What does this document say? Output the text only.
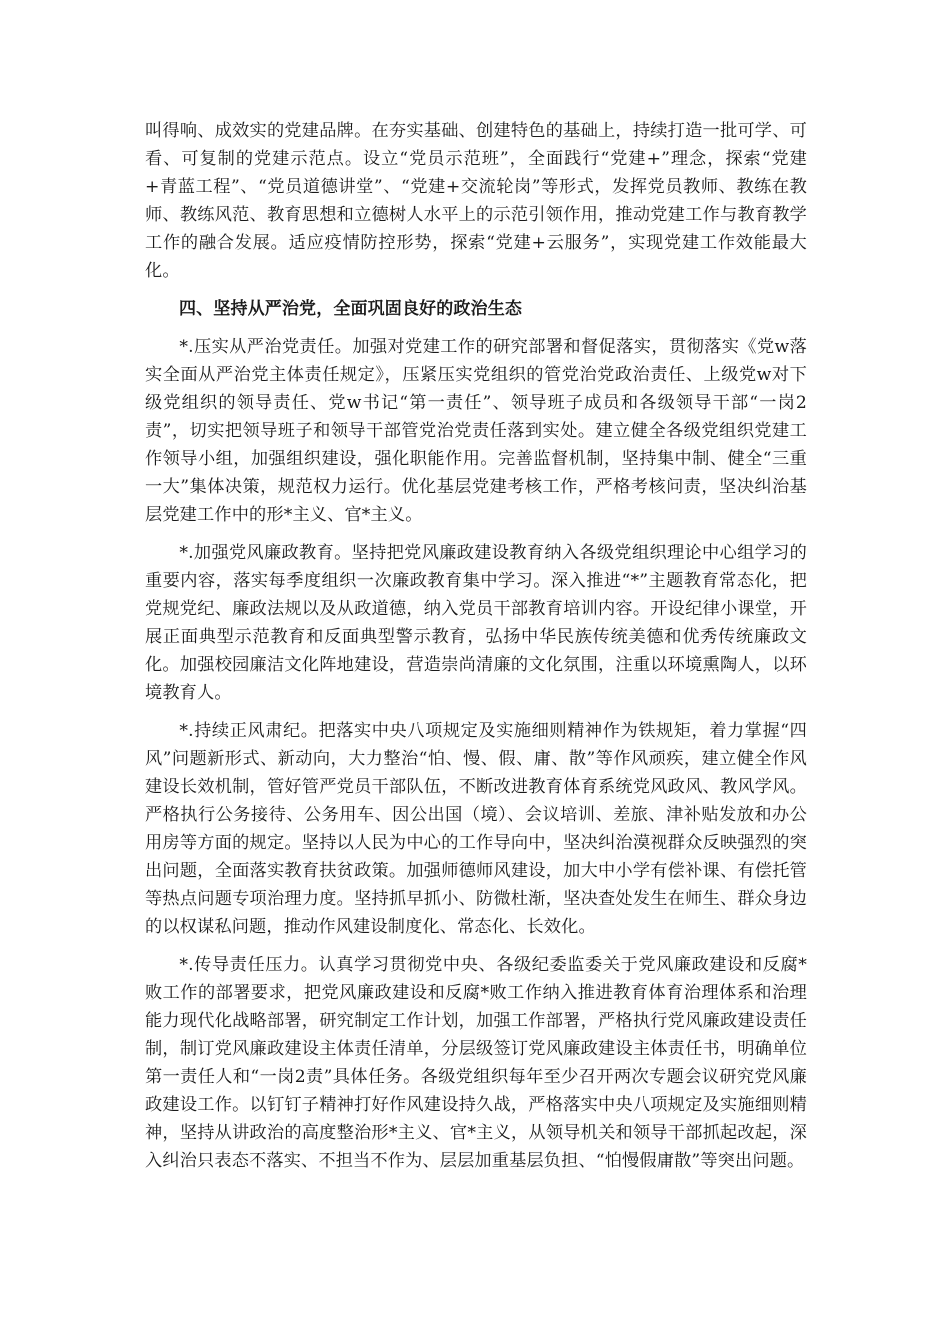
叫得响、成效实的党建品牌。在夯实基础、创建特色的基础上，持续打造一批可学、可看、可复制的党建示范点。设立“党员示范班”，全面践行“党建+”理念，探索“党建+青蓝工程”、“党员道德讲堂”、“党建+交流轮岗”等形式，发挥党员教师、教练在教师、教练风范、教育思想和立德树人水平上的示范引领作用，推动党建工作与教育教学工作的融合发展。适应疫情防控形势，探索“党建+云服务”，实现党建工作效能最大化。

四、坚持从严治党，全面巩固良好的政治生态

*.压实从严治党责任。加强对党建工作的研究部署和督促落实，贯彻落实《党w落实全面从严治党主体责任规定》，压紧压实党组织的管党治党政治责任、上级党w对下级党组织的领导责任、党w书记“第一责任”、领导班子成员和各级领导干部“一岗2责”，切实把领导班子和领导干部管党治党责任落到实处。建立健全各级党组织党建工作领导小组，加强组织建设，强化职能作用。完善监督机制，坚持集中制、健全“三重一大”集体决策，规范权力运行。优化基层党建考核工作，严格考核问责，坚决纠治基层党建工作中的形*主义、官*主义。

*.加强党风廉政教育。坚持把党风廉政建设教育纳入各级党组织理论中心组学习的重要内容，落实每季度组织一次廉政教育集中学习。深入推进“*”主题教育常态化，把党规党纪、廉政法规以及从政道德，纳入党员干部教育培训内容。开设纪律小课堂，开展正面典型示范教育和反面典型警示教育，弘扬中华民族传统美德和优秀传统廉政文化。加强校园廉洁文化阵地建设，营造崇尚清廉的文化氛围，注重以环境熏陶人，以环境教育人。

*.持续正风肃纪。把落实中央八项规定及实施细则精神作为铁规矩，着力掌握“四风”问题新形式、新动向，大力整治“怕、慢、假、庸、散”等作风顽疾，建立健全作风建设长效机制，管好管严党员干部队伍，不断改进教育体育系统党风政风、教风学风。严格执行公务接待、公务用车、因公出国（境）、会议培训、差旅、津补贴发放和办公用房等方面的规定。坚持以人民为中心的工作导向中，坚决纠治漠视群众反映强烈的突出问题，全面落实教育扶贫政策。加强师德师风建设，加大中小学有偿补课、有偿托管等热点问题专项治理力度。坚持抓早抓小、防微杜渐，坚决查处发生在师生、群众身边的以权谋私问题，推动作风建设制度化、常态化、长效化。

*.传导责任压力。认真学习贯彻党中央、各级纪委监委关于党风廉政建设和反腐*败工作的部署要求，把党风廉政建设和反腐*败工作纳入推进教育体育治理体系和治理能力现代化战略部署，研究制定工作计划，加强工作部署，严格执行党风廉政建设责任制，制订党风廉政建设主体责任清单，分层级签订党风廉政建设主体责任书，明确单位第一责任人和“一岗2责”具体任务。各级党组织每年至少召开两次专题会议研究党风廉政建设工作。以钉钉子精神打好作风建设持久战，严格落实中央八项规定及实施细则精神，坚持从讲政治的高度整治形*主义、官*主义，从领导机关和领导干部抓起改起，深入纠治只表态不落实、不担当不作为、层层加重基层负担、“怕慢假庸散”等突出问题。
